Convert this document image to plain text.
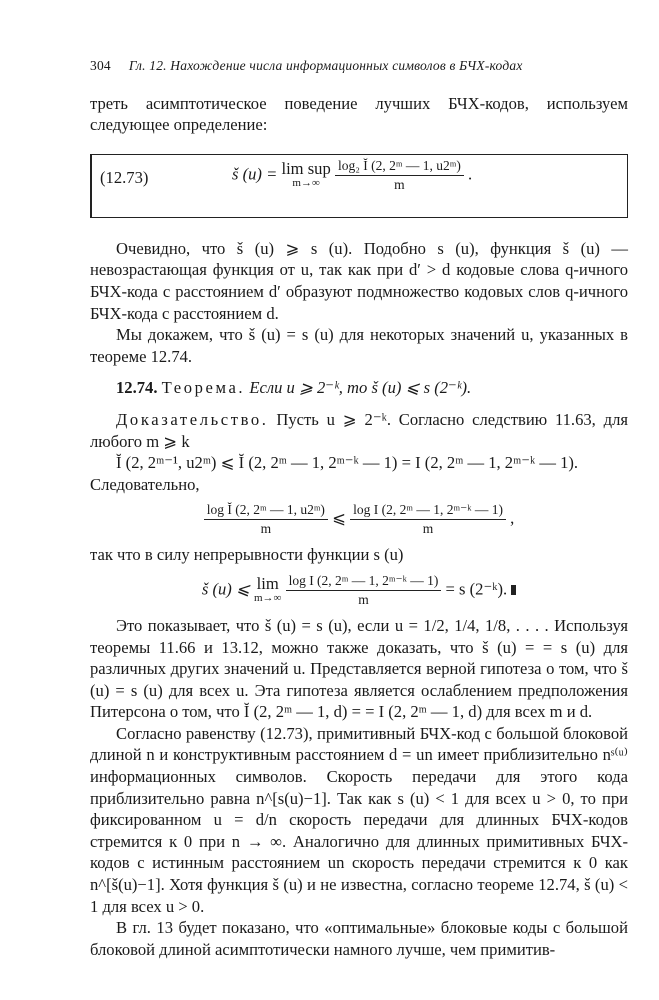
304 Гл. 12. Нахождение числа информационных символов в БЧХ-кодах

треть асимптотическое поведение лучших БЧХ-кодов, используем следующее определение:

(12.73)	š (u) = lim sup
m→∞
	$\frac{\text{log₂ Ĭ (2, 2ᵐ — 1, u2ᵐ)}}{m}$ .

Очевидно, что š (u) ⩾ s (u). Подобно s (u), функция š (u) — невозрастающая функция от u, так как при d′ > d кодовые слова q-ичного БЧХ-кода с расстоянием d′ образуют подмножество кодовых слов q-ичного БЧХ-кода с расстоянием d.

Мы докажем, что š (u) = s (u) для некоторых значений u, указанных в теореме 12.74.

12.74. Теорема. Если u ⩾ 2⁻ᵏ, то š (u) ⩽ s (2⁻ᵏ).

Доказательство. Пусть u ⩾ 2⁻ᵏ. Согласно следствию 11.63, для любого m ⩾ k

Ĭ (2, 2ᵐ⁻¹, u2ᵐ) ⩽ Ĭ (2, 2ᵐ — 1, 2ᵐ⁻ᵏ — 1) = I (2, 2ᵐ — 1, 2ᵐ⁻ᵏ — 1).

Следовательно,

$\frac{\text{log Ĭ (2, 2ᵐ — 1, u2ᵐ)}}{m}$ ⩽ $\frac{\text{log I (2, 2ᵐ — 1, 2ᵐ⁻ᵏ — 1)}}{m}$ ,

так что в силу непрерывности функции s (u)

š (u) ⩽ lim
m→∞
$\frac{\text{log I (2, 2ᵐ — 1, 2ᵐ⁻ᵏ — 1)}}{m} = s$ (2⁻ᵏ).

Это показывает, что š (u) = s (u), если u = 1/2, 1/4, 1/8, . . . . Используя теоремы 11.66 и 13.12, можно также доказать, что š (u) = = s (u) для различных других значений u. Представляется верной гипотеза о том, что š (u) = s (u) для всех u. Эта гипотеза является ослаблением предположения Питерсона о том, что Ĭ (2, 2ᵐ — 1, d) = = I (2, 2ᵐ — 1, d) для всех m и d.

Согласно равенству (12.73), примитивный БЧХ-код с большой блоковой длиной n и конструктивным расстоянием d = un имеет приблизительно nˢ⁽ᵘ⁾ информационных символов. Скорость передачи для этого кода приблизительно равна n^[s(u)−1]. Так как s (u) < 1 для всех u > 0, то при фиксированном u = d/n скорость передачи для длинных БЧХ-кодов стремится к 0 при n → ∞. Аналогично для длинных примитивных БЧХ-кодов с истинным расстоянием un скорость передачи стремится к 0 как n^[š(u)−1]. Хотя функция š (u) и не известна, согласно теореме 12.74, š (u) < 1 для всех u > 0.

В гл. 13 будет показано, что «оптимальные» блоковые коды с большой блоковой длиной асимптотически намного лучше, чем примитив-
